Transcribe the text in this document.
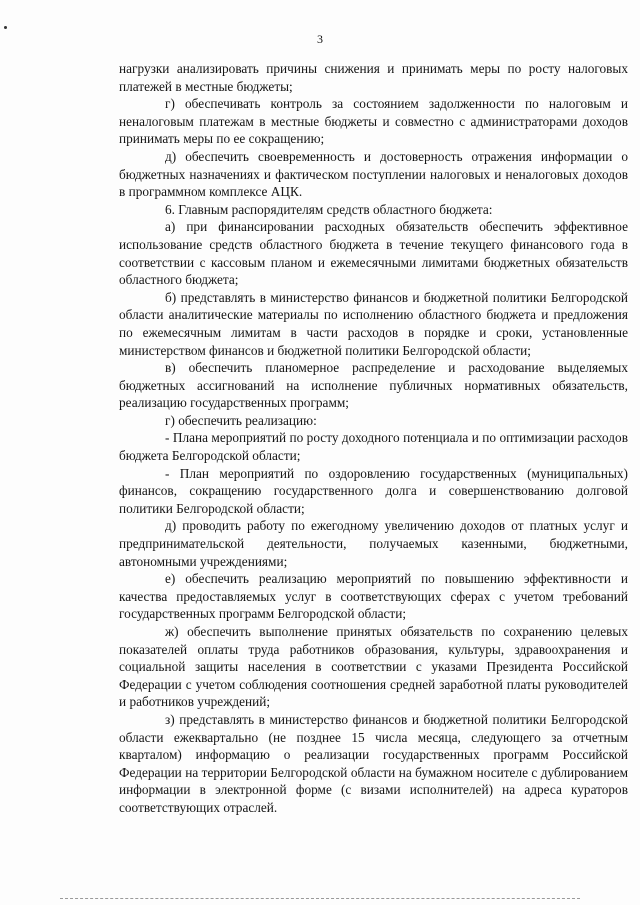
3

нагрузки анализировать причины снижения и принимать меры по росту налоговых платежей в местные бюджеты;

г) обеспечивать контроль за состоянием задолженности по налоговым и неналоговым платежам в местные бюджеты и совместно с администраторами доходов принимать меры по ее сокращению;

д) обеспечить своевременность и достоверность отражения информации о бюджетных назначениях и фактическом поступлении налоговых и неналоговых доходов в программном комплексе АЦК.

6. Главным распорядителям средств областного бюджета:

а) при финансировании расходных обязательств обеспечить эффективное использование средств областного бюджета в течение текущего финансового года в соответствии с кассовым планом и ежемесячными лимитами бюджетных обязательств областного бюджета;

б) представлять в министерство финансов и бюджетной политики Белгородской области аналитические материалы по исполнению областного бюджета и предложения по ежемесячным лимитам в части расходов в порядке и сроки, установленные министерством финансов и бюджетной политики Белгородской области;

в) обеспечить планомерное распределение и расходование выделяемых бюджетных ассигнований на исполнение публичных нормативных обязательств, реализацию государственных программ;

г) обеспечить реализацию:

- Плана мероприятий по росту доходного потенциала и по оптимизации расходов бюджета Белгородской области;

- План мероприятий по оздоровлению государственных (муниципальных) финансов, сокращению государственного долга и совершенствованию долговой политики Белгородской области;

д) проводить работу по ежегодному увеличению доходов от платных услуг и предпринимательской деятельности, получаемых казенными, бюджетными, автономными учреждениями;

е) обеспечить реализацию мероприятий по повышению эффективности и качества предоставляемых услуг в соответствующих сферах с учетом требований государственных программ Белгородской области;

ж) обеспечить выполнение принятых обязательств по сохранению целевых показателей оплаты труда работников образования, культуры, здравоохранения и социальной защиты населения в соответствии с указами Президента Российской Федерации с учетом соблюдения соотношения средней заработной платы руководителей и работников учреждений;

з) представлять в министерство финансов и бюджетной политики Белгородской области ежеквартально (не позднее 15 числа месяца, следующего за отчетным кварталом) информацию о реализации государственных программ Российской Федерации на территории Белгородской области на бумажном носителе с дублированием информации в электронной форме (с визами исполнителей) на адреса кураторов соответствующих отраслей.
